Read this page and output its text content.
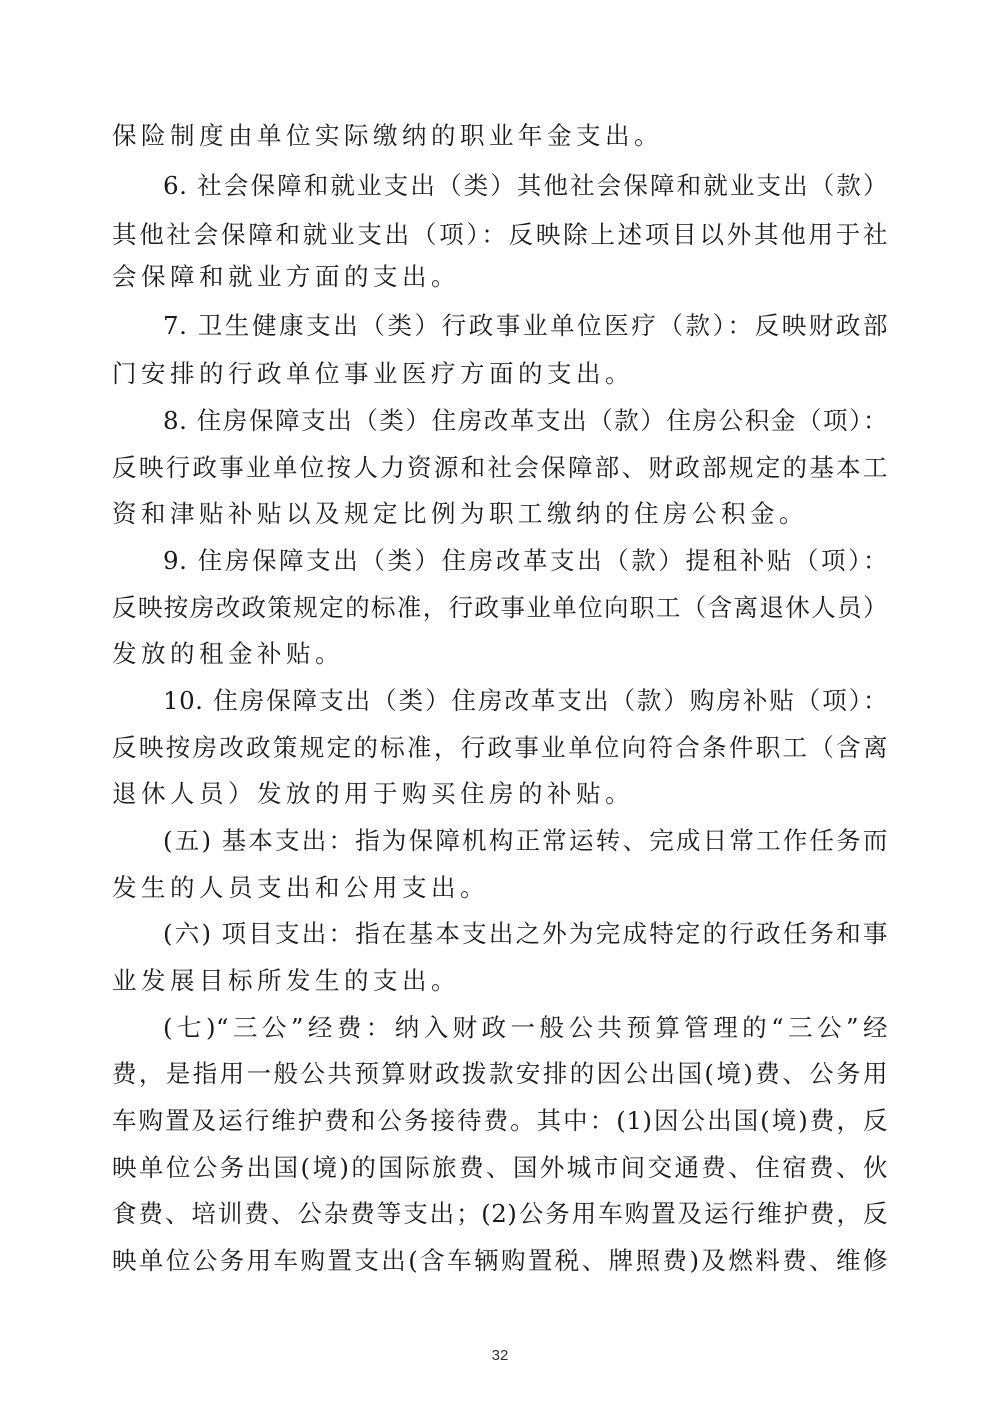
保险制度由单位实际缴纳的职业年金支出。
6. 社会保障和就业支出（类）其他社会保障和就业支出（款）
其他社会保障和就业支出（项）：反映除上述项目以外其他用于社
会保障和就业方面的支出。
7. 卫生健康支出（类）行政事业单位医疗（款）：反映财政部
门安排的行政单位事业医疗方面的支出。
8. 住房保障支出（类）住房改革支出（款）住房公积金（项）：
反映行政事业单位按人力资源和社会保障部、财政部规定的基本工
资和津贴补贴以及规定比例为职工缴纳的住房公积金。
9. 住房保障支出（类）住房改革支出（款）提租补贴（项）：
反映按房改政策规定的标准，行政事业单位向职工（含离退休人员）
发放的租金补贴。
10. 住房保障支出（类）住房改革支出（款）购房补贴（项）：
反映按房改政策规定的标准，行政事业单位向符合条件职工（含离
退休人员）发放的用于购买住房的补贴。
(五) 基本支出：指为保障机构正常运转、完成日常工作任务而
发生的人员支出和公用支出。
(六) 项目支出：指在基本支出之外为完成特定的行政任务和事
业发展目标所发生的支出。
(七)“三公”经费：纳入财政一般公共预算管理的“三公”经
费，是指用一般公共预算财政拨款安排的因公出国(境)费、公务用
车购置及运行维护费和公务接待费。其中：(1)因公出国(境)费，反
映单位公务出国(境)的国际旅费、国外城市间交通费、住宿费、伙
食费、培训费、公杂费等支出；(2)公务用车购置及运行维护费，反
映单位公务用车购置支出(含车辆购置税、牌照费)及燃料费、维修
32
